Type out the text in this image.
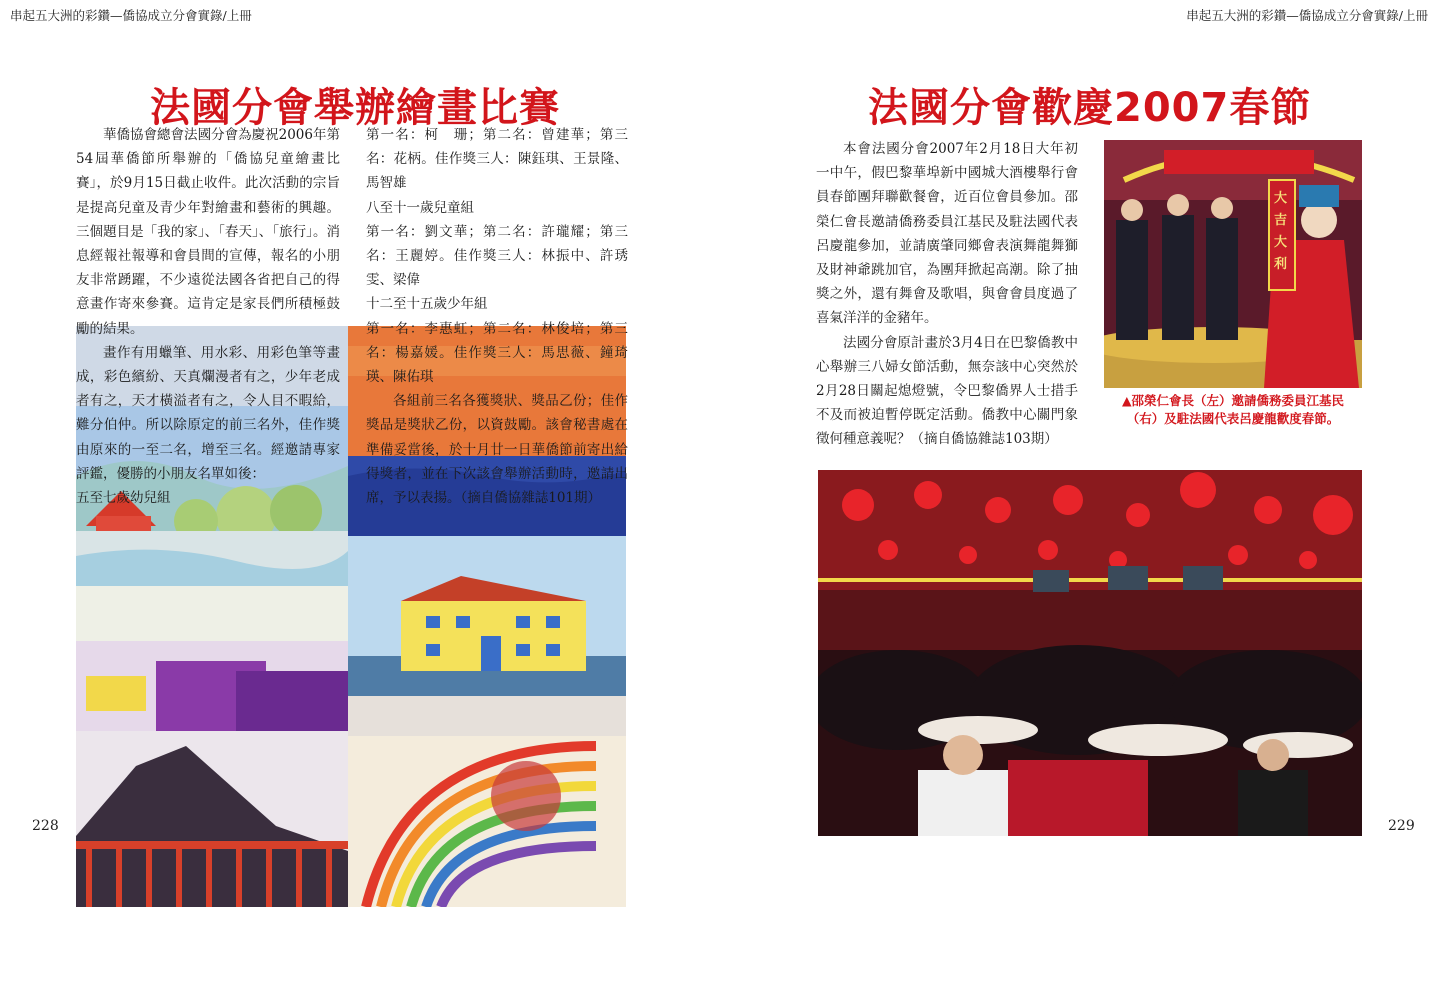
串起五大洲的彩鑽—僑協成立分會實錄/上冊	串起五大洲的彩鑽—僑協成立分會實錄/上冊
法國分會舉辦繪畫比賽

華僑協會總會法國分會為慶祝2006年第54屆華僑節所舉辦的「僑協兒童繪畫比賽」，於9月15日截止收件。此次活動的宗旨是提高兒童及青少年對繪畫和藝術的興趣。三個題目是「我的家」、「春天」、「旅行」。消息經報社報導和會員間的宣傳，報名的小朋友非常踴躍，不少遠從法國各省把自己的得意畫作寄來參賽。這肯定是家長們所積極鼓勵的結果。

畫作有用蠟筆、用水彩、用彩色筆等畫成，彩色繽紛、天真爛漫者有之，少年老成者有之，天才橫溢者有之，令人目不暇給，難分伯仲。所以除原定的前三名外，佳作獎由原來的一至二名，增至三名。經邀請專家評鑑，優勝的小朋友名單如後：

五至七歲幼兒組

第一名：柯　珊；第二名：曾建華；第三名：花柄。佳作獎三人：陳鈺琪、王景隆、馬智雄

八至十一歲兒童組

第一名：劉文華；第二名：許瓏耀；第三名：王麗婷。佳作獎三人：林振中、許琇雯、梁偉

十二至十五歲少年組

第一名：李惠虹；第二名：林俊培；第三名：楊嘉媛。佳作獎三人：馬思薇、鐘琦瑛、陳佑琪

各組前三名各獲獎狀、獎品乙份；佳作獎品是獎狀乙份，以資鼓勵。該會秘書處在準備妥當後，於十月廿一日華僑節前寄出給得獎者，並在下次該會舉辦活動時，邀請出席，予以表揚。（摘自僑協雜誌101期）

228
法國分會歡慶2007春節

本會法國分會2007年2月18日大年初一中午，假巴黎華埠新中國城大酒樓舉行會員春節團拜聯歡餐會，近百位會員參加。邵榮仁會長邀請僑務委員江基民及駐法國代表呂慶龍參加，並請廣肇同鄉會表演舞龍舞獅及財神爺跳加官，為團拜掀起高潮。除了抽獎之外，還有舞會及歌唱，與會會員度過了喜氣洋洋的金豬年。

法國分會原計畫於3月4日在巴黎僑教中心舉辦三八婦女節活動，無奈該中心突然於2月28日關起熄燈號，令巴黎僑界人士措手不及而被迫暫停既定活動。僑教中心關門象徵何種意義呢？（摘自僑協雜誌103期）

大吉大利
▲邵榮仁會長（左）邀請僑務委員江基民（右）及駐法國代表呂慶龍歡度春節。
229
